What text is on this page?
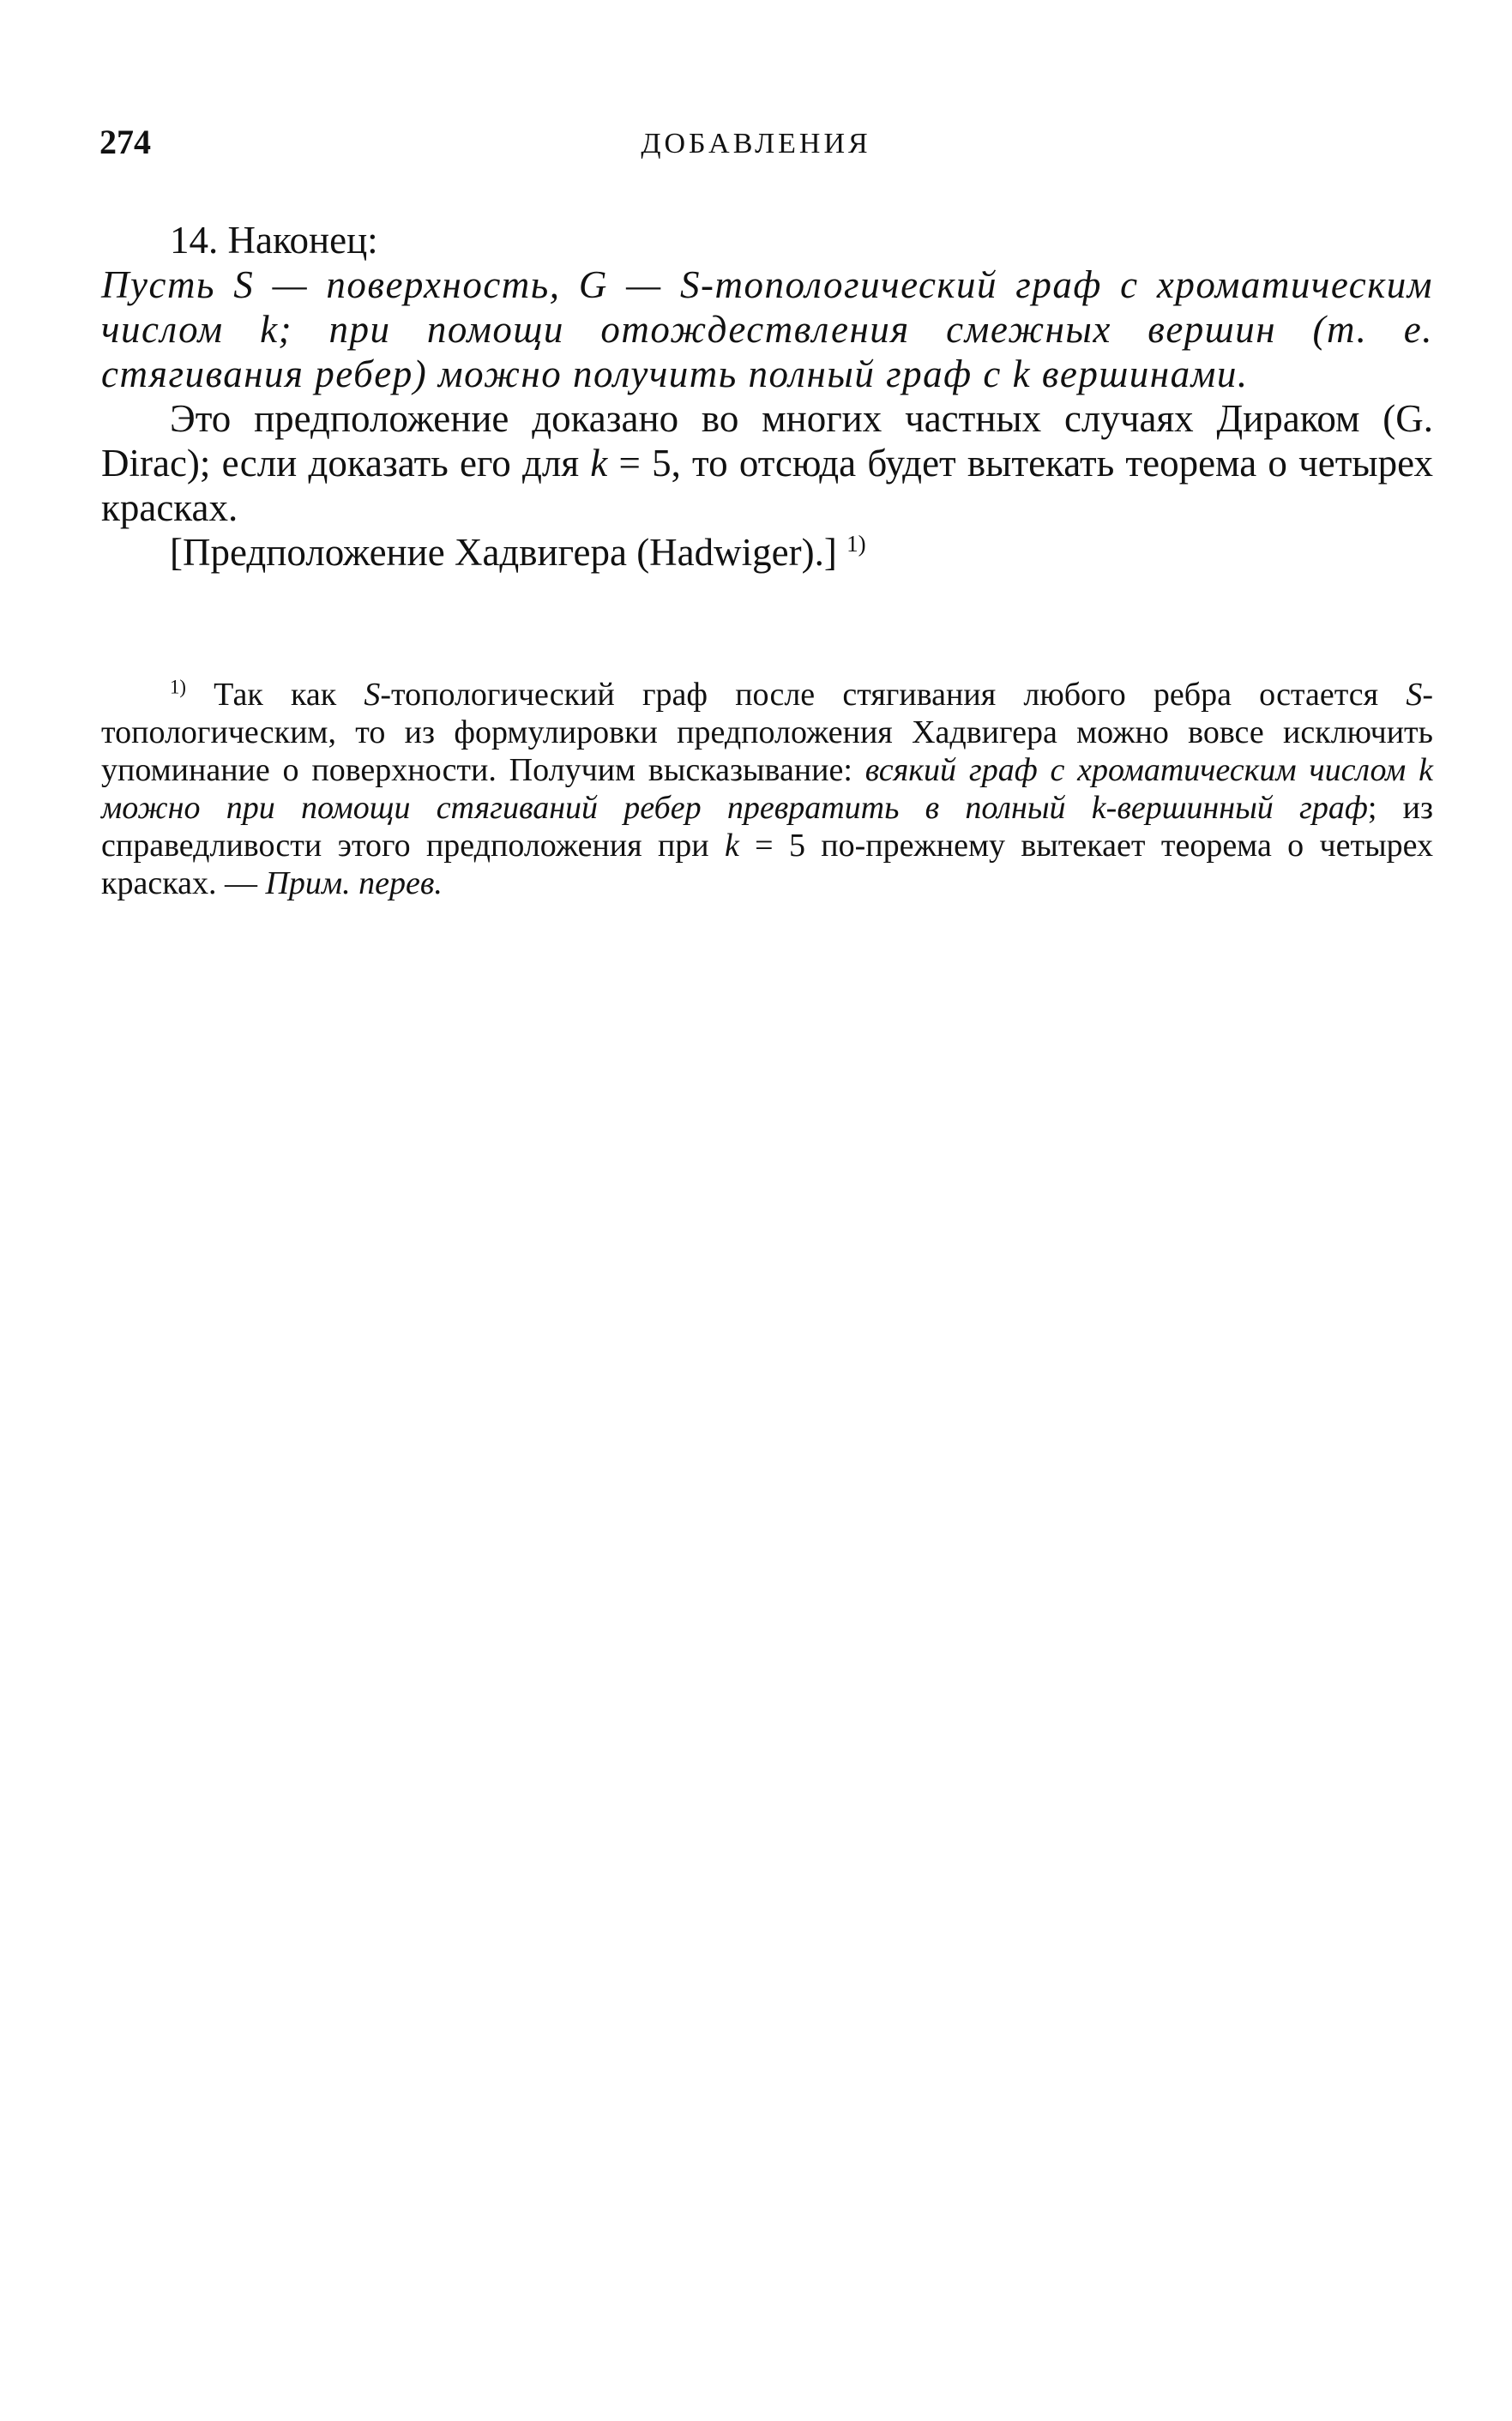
274	ДОБАВЛЕНИЯ

14. Наконец:

Пусть S — поверхность, G — S-топологический граф с хроматическим числом k; при помощи отождествления смежных вершин (т. е. стягивания ребер) можно получить полный граф с k вершинами.

Это предположение доказано во многих частных случаях Дираком (G. Dirac); если доказать его для k = 5, то отсюда будет вытекать теорема о четырех красках.

[Предположение Хадвигера (Hadwiger).] $^{1)}$

$^{1)}$ Так как S-топологический граф после стягивания любого ребра остается S-топологическим, то из формулировки предположения Хадвигера можно вовсе исключить упоминание о поверхности. Получим высказывание: всякий граф с хроматическим числом k можно при помощи стягиваний ребер превратить в полный k-вершинный граф; из справедливости этого предположения при k = 5 по-прежнему вытекает теорема о четырех красках. — Прим. перев.
